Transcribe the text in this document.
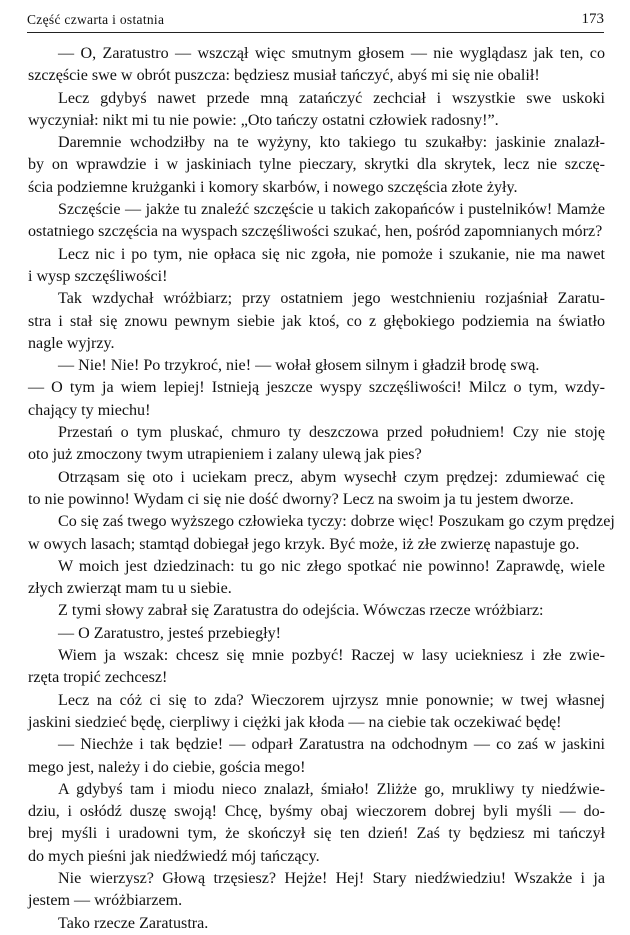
Część czwarta i ostatnia	173
— O, Zaratustro — wszczął więc smutnym głosem — nie wyglądasz jak ten, co
szczęście swe w obrót puszcza: będziesz musiał tańczyć, abyś mi się nie obalił!
Lecz gdybyś nawet przede mną zatańczyć zechciał i wszystkie swe uskoki
wyczyniał: nikt mi tu nie powie: „Oto tańczy ostatni człowiek radosny!”.
Daremnie wchodziłby na te wyżyny, kto takiego tu szukałby: jaskinie znalazł-
by on wprawdzie i w jaskiniach tylne pieczary, skrytki dla skrytek, lecz nie szczę-
ścia podziemne krużganki i komory skarbów, i nowego szczęścia złote żyły.
Szczęście — jakże tu znaleźć szczęście u takich zakopańców i pustelników! Mamże
ostatniego szczęścia na wyspach szczęśliwości szukać, hen, pośród zapomnianych mórz?
Lecz nic i po tym, nie opłaca się nic zgoła, nie pomoże i szukanie, nie ma nawet
i wysp szczęśliwości!
Tak wzdychał wróżbiarz; przy ostatniem jego westchnieniu rozjaśniał Zaratu-
stra i stał się znowu pewnym siebie jak ktoś, co z głębokiego podziemia na światło
nagle wyjrzy.
— Nie! Nie! Po trzykroć, nie! — wołał głosem silnym i gładził brodę swą.
— O tym ja wiem lepiej! Istnieją jeszcze wyspy szczęśliwości! Milcz o tym, wzdy-
chający ty miechu!
Przestań o tym pluskać, chmuro ty deszczowa przed południem! Czy nie stoję
oto już zmoczony twym utrapieniem i zalany ulewą jak pies?
Otrząsam się oto i uciekam precz, abym wysechł czym prędzej: zdumiewać cię
to nie powinno! Wydam ci się nie dość dworny? Lecz na swoim ja tu jestem dworze.
Co się zaś twego wyższego człowieka tyczy: dobrze więc! Poszukam go czym prędzej
w owych lasach; stamtąd dobiegał jego krzyk. Być może, iż złe zwierzę napastuje go.
W moich jest dziedzinach: tu go nic złego spotkać nie powinno! Zaprawdę, wiele
złych zwierząt mam tu u siebie.
Z tymi słowy zabrał się Zaratustra do odejścia. Wówczas rzecze wróżbiarz:
— O Zaratustro, jesteś przebiegły!
Wiem ja wszak: chcesz się mnie pozbyć! Raczej w lasy uciekniesz i złe zwie-
rzęta tropić zechcesz!
Lecz na cóż ci się to zda? Wieczorem ujrzysz mnie ponownie; w twej własnej
jaskini siedzieć będę, cierpliwy i ciężki jak kłoda — na ciebie tak oczekiwać będę!
— Niechże i tak będzie! — odparł Zaratustra na odchodnym — co zaś w jaskini
mego jest, należy i do ciebie, gościa mego!
A gdybyś tam i miodu nieco znalazł, śmiało! Zliżże go, mrukliwy ty niedźwie-
dziu, i osłódź duszę swoją! Chcę, byśmy obaj wieczorem dobrej byli myśli — do-
brej myśli i uradowni tym, że skończył się ten dzień! Zaś ty będziesz mi tańczył
do mych pieśni jak niedźwiedź mój tańczący.
Nie wierzysz? Głową trzęsiesz? Hejże! Hej! Stary niedźwiedziu! Wszakże i ja
jestem — wróżbiarzem.
Tako rzecze Zaratustra.
